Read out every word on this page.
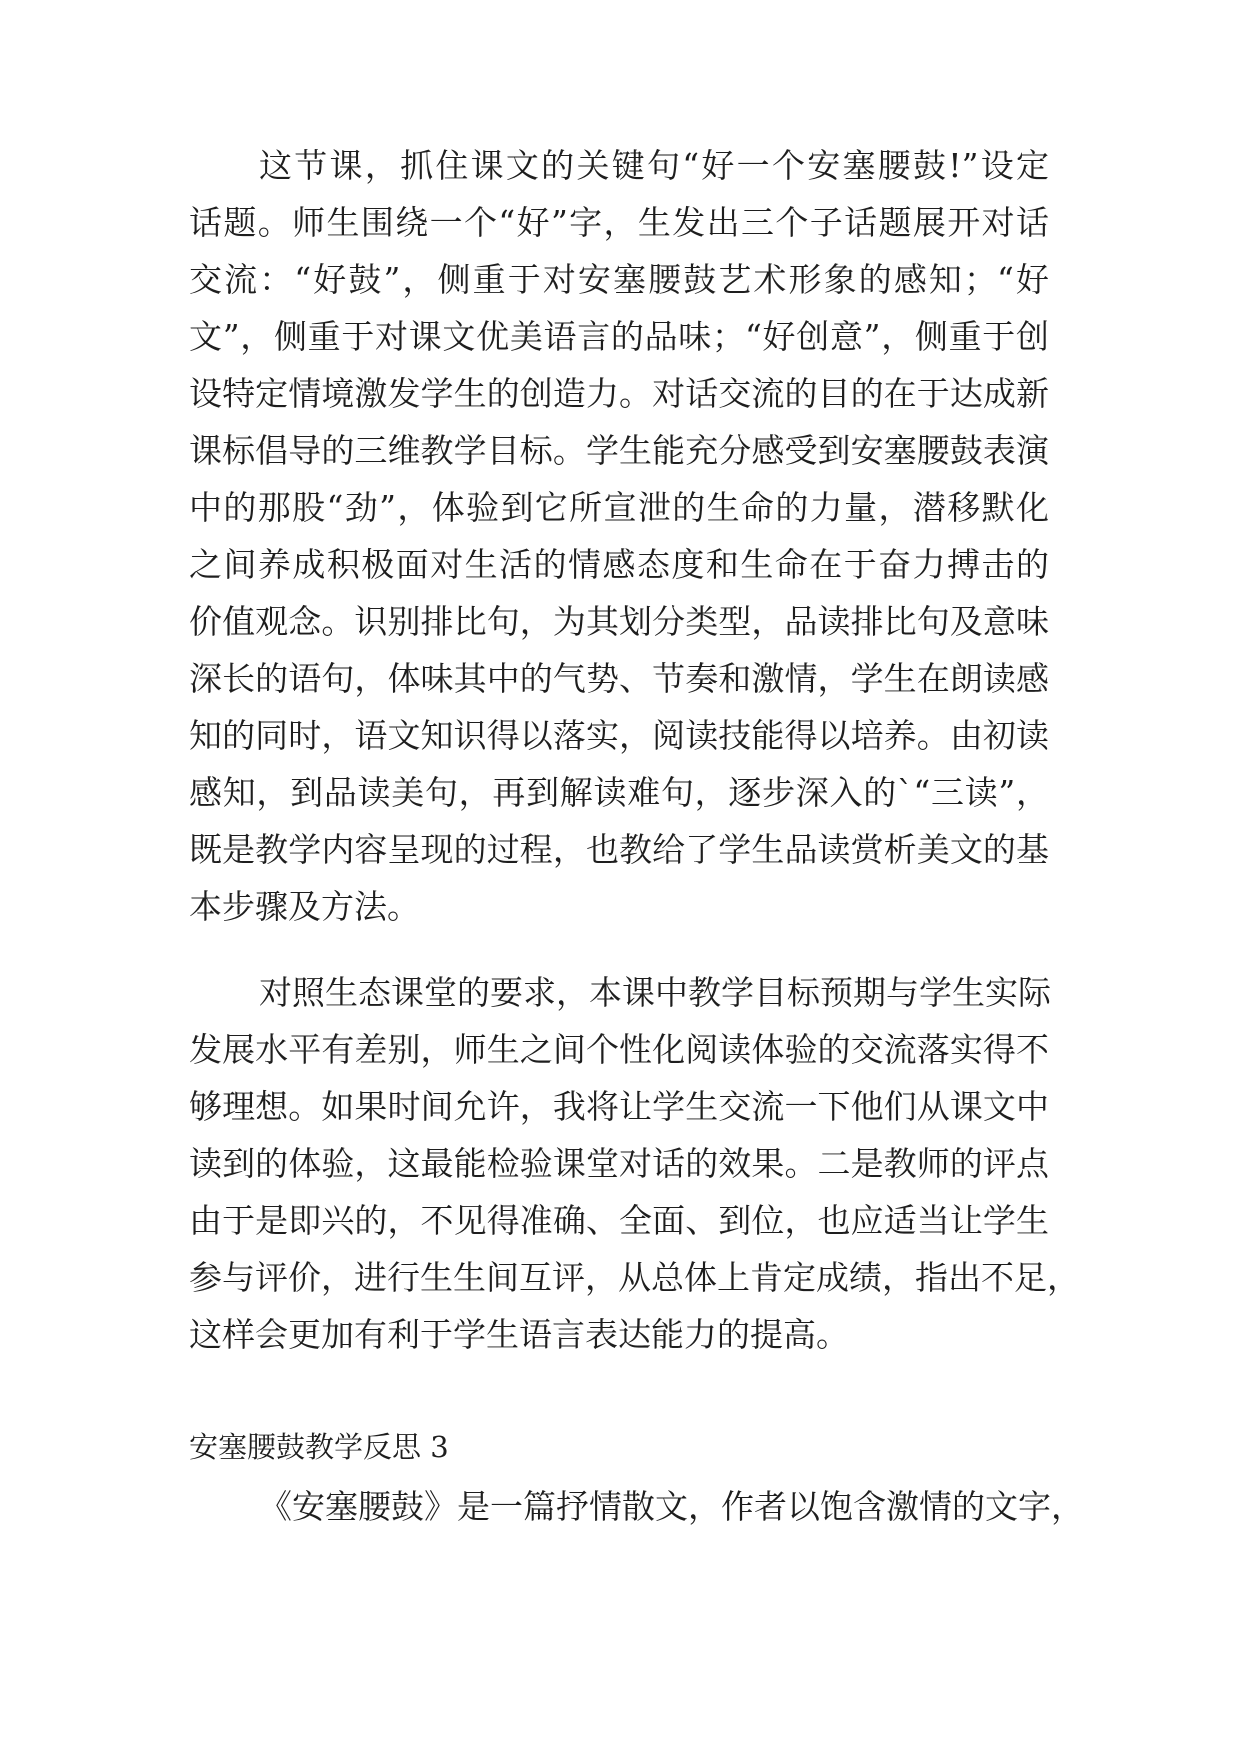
这节课，抓住课文的关键句“好一个安塞腰鼓!”设定
话题。师生围绕一个“好”字，生发出三个子话题展开对话
交流：“好鼓”，侧重于对安塞腰鼓艺术形象的感知；“好
文”，侧重于对课文优美语言的品味；“好创意”，侧重于创
设特定情境激发学生的创造力。对话交流的目的在于达成新
课标倡导的三维教学目标。学生能充分感受到安塞腰鼓表演
中的那股“劲”，体验到它所宣泄的生命的力量，潜移默化
之间养成积极面对生活的情感态度和生命在于奋力搏击的
价值观念。识别排比句，为其划分类型，品读排比句及意味
深长的语句，体味其中的气势、节奏和激情，学生在朗读感
知的同时，语文知识得以落实，阅读技能得以培养。由初读
感知，到品读美句，再到解读难句，逐步深入的`“三读”，
既是教学内容呈现的过程，也教给了学生品读赏析美文的基
本步骤及方法。
对照生态课堂的要求，本课中教学目标预期与学生实际
发展水平有差别，师生之间个性化阅读体验的交流落实得不
够理想。如果时间允许，我将让学生交流一下他们从课文中
读到的体验，这最能检验课堂对话的效果。二是教师的评点
由于是即兴的，不见得准确、全面、到位，也应适当让学生
参与评价，进行生生间互评，从总体上肯定成绩，指出不足，
这样会更加有利于学生语言表达能力的提高。
安塞腰鼓教学反思 3
《安塞腰鼓》是一篇抒情散文，作者以饱含激情的文字，
